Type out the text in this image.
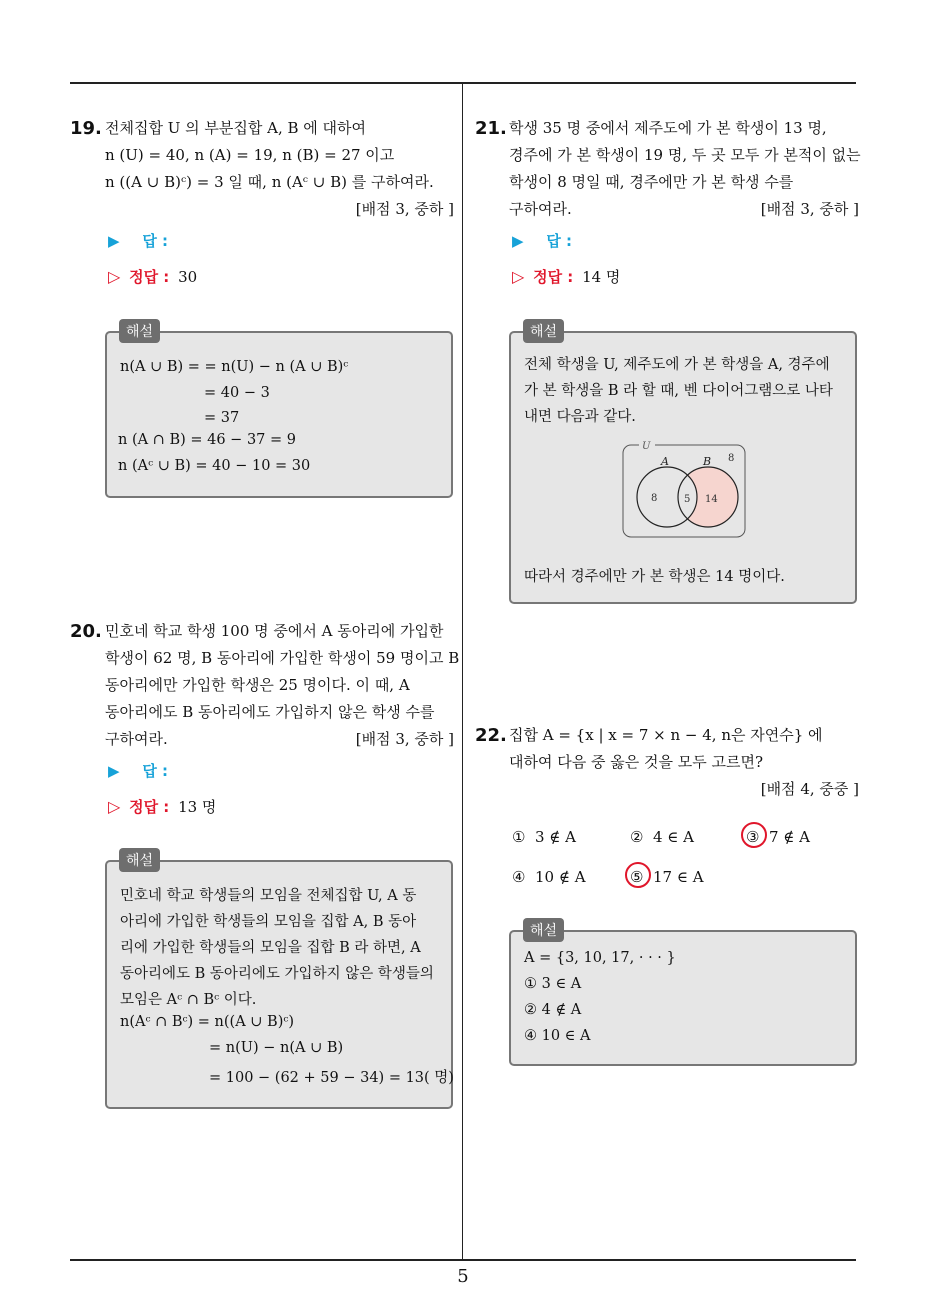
5
19. 전체집합 U 의 부분집합 A, B 에 대하여
n (U) = 40, n (A) = 19, n (B) = 27 이고
n ((A ∪ B)ᶜ) = 3 일 때, n (Aᶜ ∪ B) 를 구하여라.
[배점 3, 중하 ]
▶ 답 :
▷ 정답 : 30
해설
n(A ∪ B) = = n(U) − n (A ∪ B)ᶜ
= 40 − 3
= 37
n (A ∩ B) = 46 − 37 = 9
n (Aᶜ ∪ B) = 40 − 10 = 30
20. 민호네 학교 학생 100 명 중에서 A 동아리에 가입한
학생이 62 명, B 동아리에 가입한 학생이 59 명이고 B
동아리에만 가입한 학생은 25 명이다. 이 때, A
동아리에도 B 동아리에도 가입하지 않은 학생 수를
구하여라.	[배점 3, 중하 ]
▶ 답 :
▷ 정답 : 13 명
해설
민호네 학교 학생들의 모임을 전체집합 U, A 동
아리에 가입한 학생들의 모임을 집합 A, B 동아
리에 가입한 학생들의 모임을 집합 B 라 하면, A
동아리에도 B 동아리에도 가입하지 않은 학생들의
모임은 Aᶜ ∩ Bᶜ 이다.
n(Aᶜ ∩ Bᶜ) = n((A ∪ B)ᶜ)
= n(U) − n(A ∪ B)
= 100 − (62 + 59 − 34) = 13( 명)
21. 학생 35 명 중에서 제주도에 가 본 학생이 13 명,
경주에 가 본 학생이 19 명, 두 곳 모두 가 본적이 없는
학생이 8 명일 때, 경주에만 가 본 학생 수를
구하여라.	[배점 3, 중하 ]
▶ 답 :
▷ 정답 : 14 명
해설
전체 학생을 U, 제주도에 가 본 학생을 A, 경주에
가 본 학생을 B 라 할 때, 벤 다이어그램으로 나타
내면 다음과 같다.
U
A	B 8
8	5 14
따라서 경주에만 가 본 학생은 14 명이다.
22. 집합 A = {x | x = 7 × n − 4, n은 자연수} 에
대하여 다음 중 옳은 것을 모두 고르면?
[배점 4, 중중 ]
① 3 ∉ A	② 4 ∈ A	③ 7 ∉ A
④ 10 ∉ A	⑤ 17 ∈ A
해설
A = {3, 10, 17, · · · }
① 3 ∈ A
② 4 ∉ A
④ 10 ∈ A
